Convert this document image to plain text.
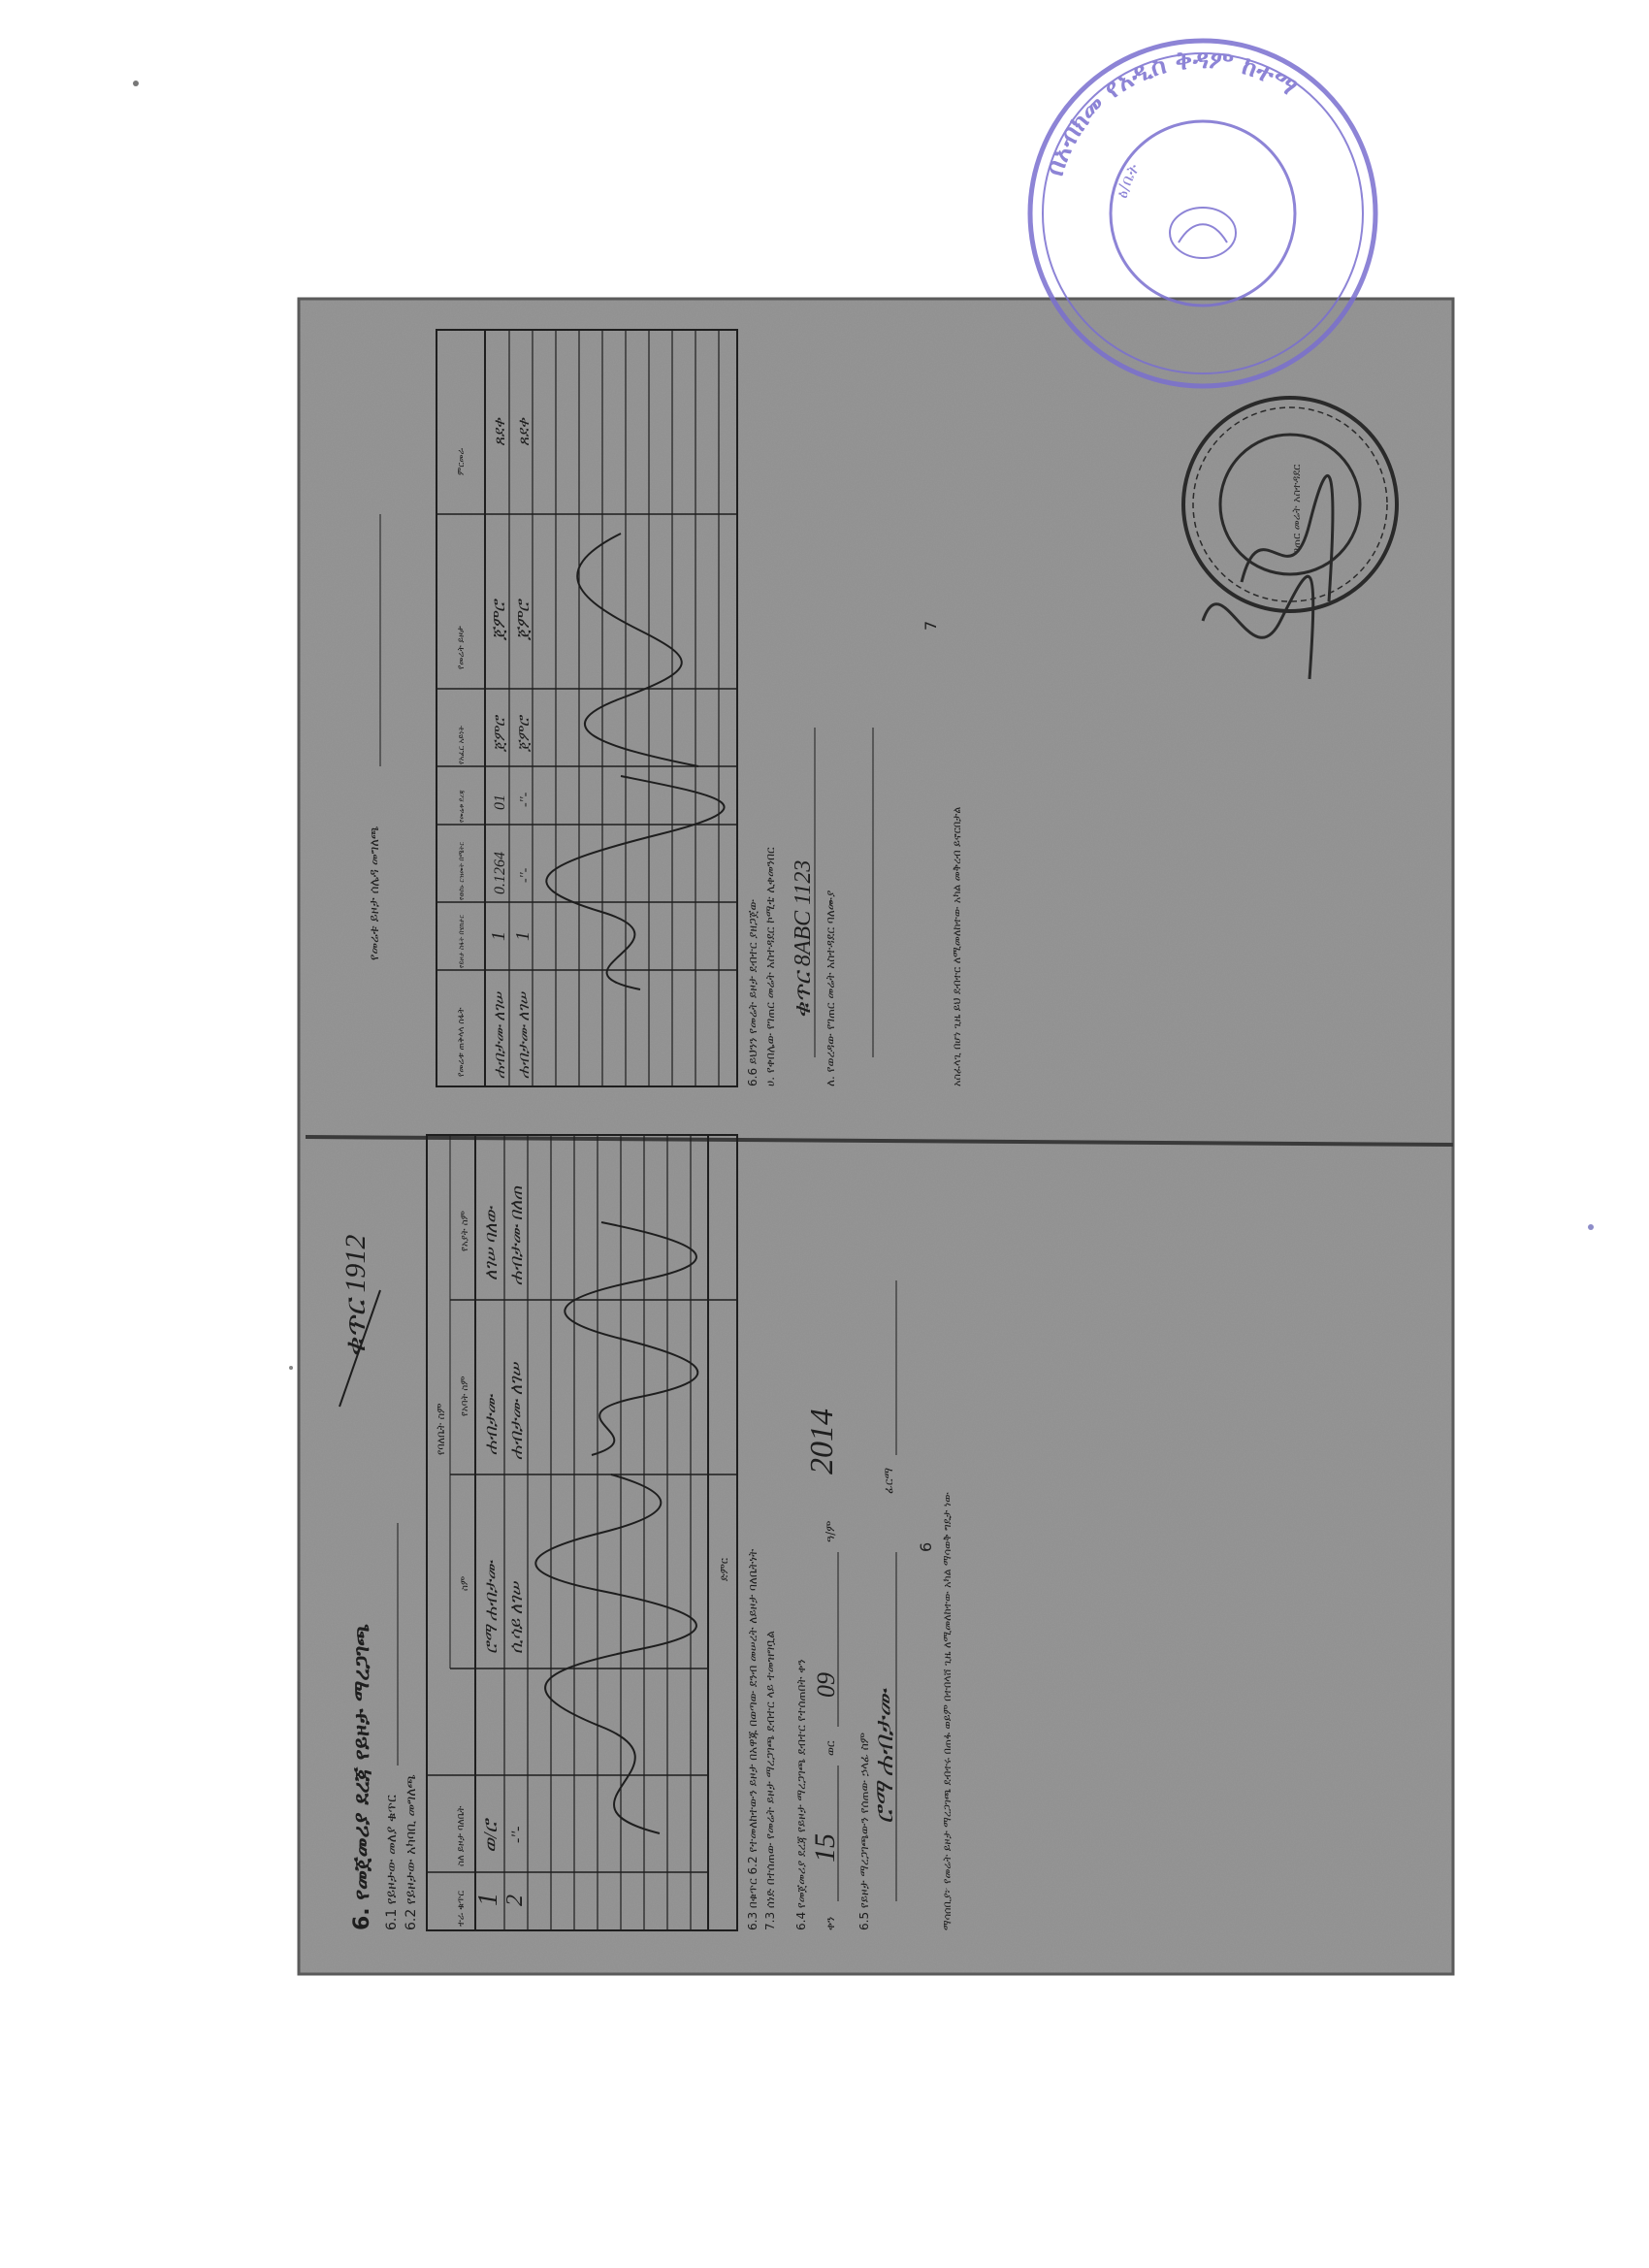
6. የመጀመሪያ ደረጃ የይዞታ ማረጋገጫ
ቁጥር 1912
6.1 የይዞታው መለያ ቁጥር 6.2 የይዞታው አካባቢ መግለጫ	ተራ ቁጥር
ስለ ይዞታ ባለቤት
የባለቤት ስም
ስም
የአባት ስም
የአያት ስም
ድምር
1
ወ/ሮ
ሮማ ሐብታሙ
ሐብታሙ
ለገሠ ባለው
2
-''-
ሲሳይ ለገሠ
ሐብታሙ ለገሠ
ሐብታሙ በለጠ
6.3 በቁጥር 6.2 የተመለከተውን ይዞታ በአዋጁ በወጣው ደንብ መሠረት ለይዞታ ባለቤትነት 7.3 ሰነድ በተሰጠው የመሬት ይዞታ ማረጋገጫ ደብተር ላይ ተመዝግቧል 6.4 የመጀመሪያ ደረጃ የይዞታ ማረጋገጫ ደብተር የተሰጠበት ቀን ቀን
15
ወር
09
ዓ/ም
2014
6.5 የይዞታ ማረጋገጫውን የሰጠው ኃላፊ ስም ሮማ ሐብታሙ
ፊርማ
ማሳሰቢያ፦ የመሬት ይዞታ ማረጋገጫ ደብተሩ በጠፋ ወይም በተበላሸ ጊዜ ለሚመለከተው አካል ማሳወቅ ግዴታ ነው
6
የመሬቱ ይዞታ ሰሌዳ መግለጫ
የመሬቱ ጠቅላላ ስፋት
የይዞታ ስፋት በሄክታር
የወሰኑ ርዝመት በሜትር
የመሬቱ ደረጃ
የአፈር አይነት
የመሬት ይዞታ
ምርመራ
ሐብታሙ ለገሠ
1
0.1264
01
ጀምሮ
ጀምሮ
ጸደቀ
ሐብታሙ ለገሠ
1
-''-
-''-
ጀምሮ
ጀምሮ
ጸደቀ
6.6 ይህንን የመሬት ይዞታ ደብተር ያዘጋጀው ሀ. የቀበሌው የገጠር መሬት አስተዳደር ኮሚቴ ሊቀመንበር ቁጥር 8ABC 1123 ለ. የወረዳው የገጠር መሬት አስተዳደር ባለሙያ	አስፈላጊ በሆነ ጊዜ ይህ ደብተር ለሚመለከተው አካል መቅረብ ይኖርበታል
7
ገጠር መሬት አስተዳደር
በአብክመ የአዲስ ቅዳም ከተማ
ፅ/ቤት
